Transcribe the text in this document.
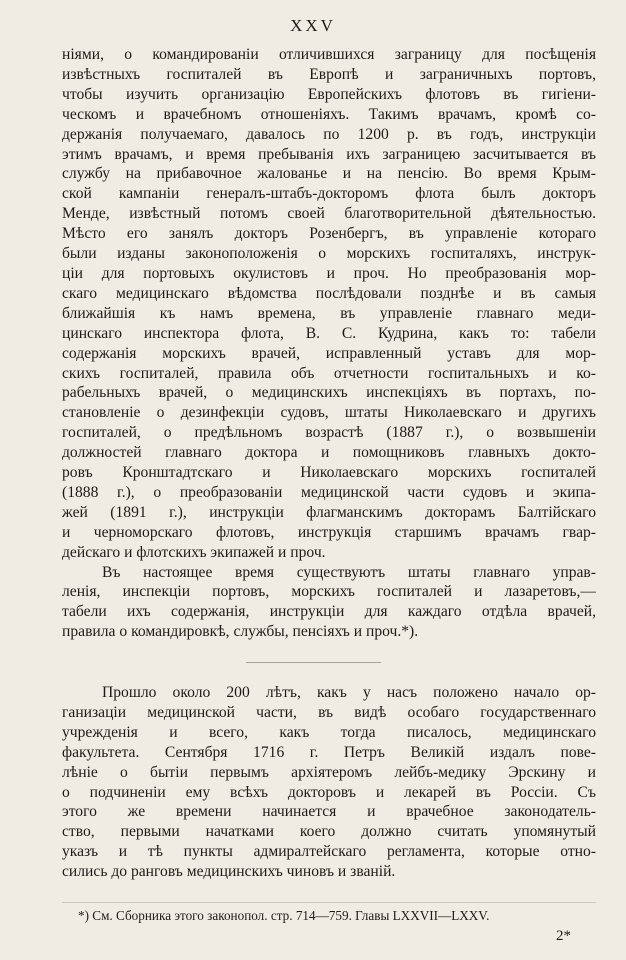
XXV
ніями, о командированіи отличившихся заграницу для посѣщенія
извѣстныхъ госпиталей въ Европѣ и заграничныхъ портовъ,
чтобы изучить организацію Европейскихъ флотовъ въ гигіени-
ческомъ и врачебномъ отношеніяхъ. Такимъ врачамъ, кромѣ со-
держанія получаемаго, давалось по 1200 р. въ годъ, инструкціи
этимъ врачамъ, и время пребыванія ихъ заграницею засчитывается въ
службу на прибавочное жалованье и на пенсію. Во время Крым-
ской кампаніи генералъ-штабъ-докторомъ флота былъ докторъ
Менде, извѣстный потомъ своей благотворительной дѣятельностью.
Мѣсто его занялъ докторъ Розенбергъ, въ управленіе котораго
были изданы законоположенія о морскихъ госпиталяхъ, инструк-
ціи для портовыхъ окулистовъ и проч. Но преобразованія мор-
скаго медицинскаго вѣдомства послѣдовали позднѣе и въ самыя
ближайшія къ намъ времена, въ управленіе главнаго меди-
цинскаго инспектора флота, В. С. Кудрина, какъ то: табели
содержанія морскихъ врачей, исправленный уставъ для мор-
скихъ госпиталей, правила объ отчетности госпитальныхъ и ко-
рабельныхъ врачей, о медицинскихъ инспекціяхъ въ портахъ, по-
становленіе о дезинфекціи судовъ, штаты Николаевскаго и другихъ
госпиталей, о предѣльномъ возрастѣ (1887 г.), о возвышеніи
должностей главнаго доктора и помощниковъ главныхъ докто-
ровъ Кронштадтскаго и Николаевскаго морскихъ госпиталей
(1888 г.), о преобразованіи медицинской части судовъ и экипа-
жей (1891 г.), инструкціи флагманскимъ докторамъ Балтійскаго
и черноморскаго флотовъ, инструкція старшимъ врачамъ гвар-
дейскаго и флотскихъ экипажей и проч.
Въ настоящее время существуютъ штаты главнаго управ-
ленія, инспекціи портовъ, морскихъ госпиталей и лазаретовъ,—
табели ихъ содержанія, инструкціи для каждаго отдѣла врачей,
правила о командировкѣ, службы, пенсіяхъ и проч.*).
Прошло около 200 лѣтъ, какъ у насъ положено начало ор-
ганизаціи медицинской части, въ видѣ особаго государственнаго
учрежденія и всего, какъ тогда писалось, медицинскаго
факультета. Сентября 1716 г. Петръ Великій издалъ пове-
лѣніе о бытіи первымъ архіятеромъ лейбъ-медику Эрскину и
о подчиненіи ему всѣхъ докторовъ и лекарей въ Россіи. Съ
этого же времени начинается и врачебное законодатель-
ство, первыми начатками коего должно считать упомянутый
указъ и тѣ пункты адмиралтейскаго регламента, которые отно-
сились до ранговъ медицинскихъ чиновъ и званій.
*) См. Сборника этого законопол. стр. 714—759. Главы LXXVII—LXXV.
2*
